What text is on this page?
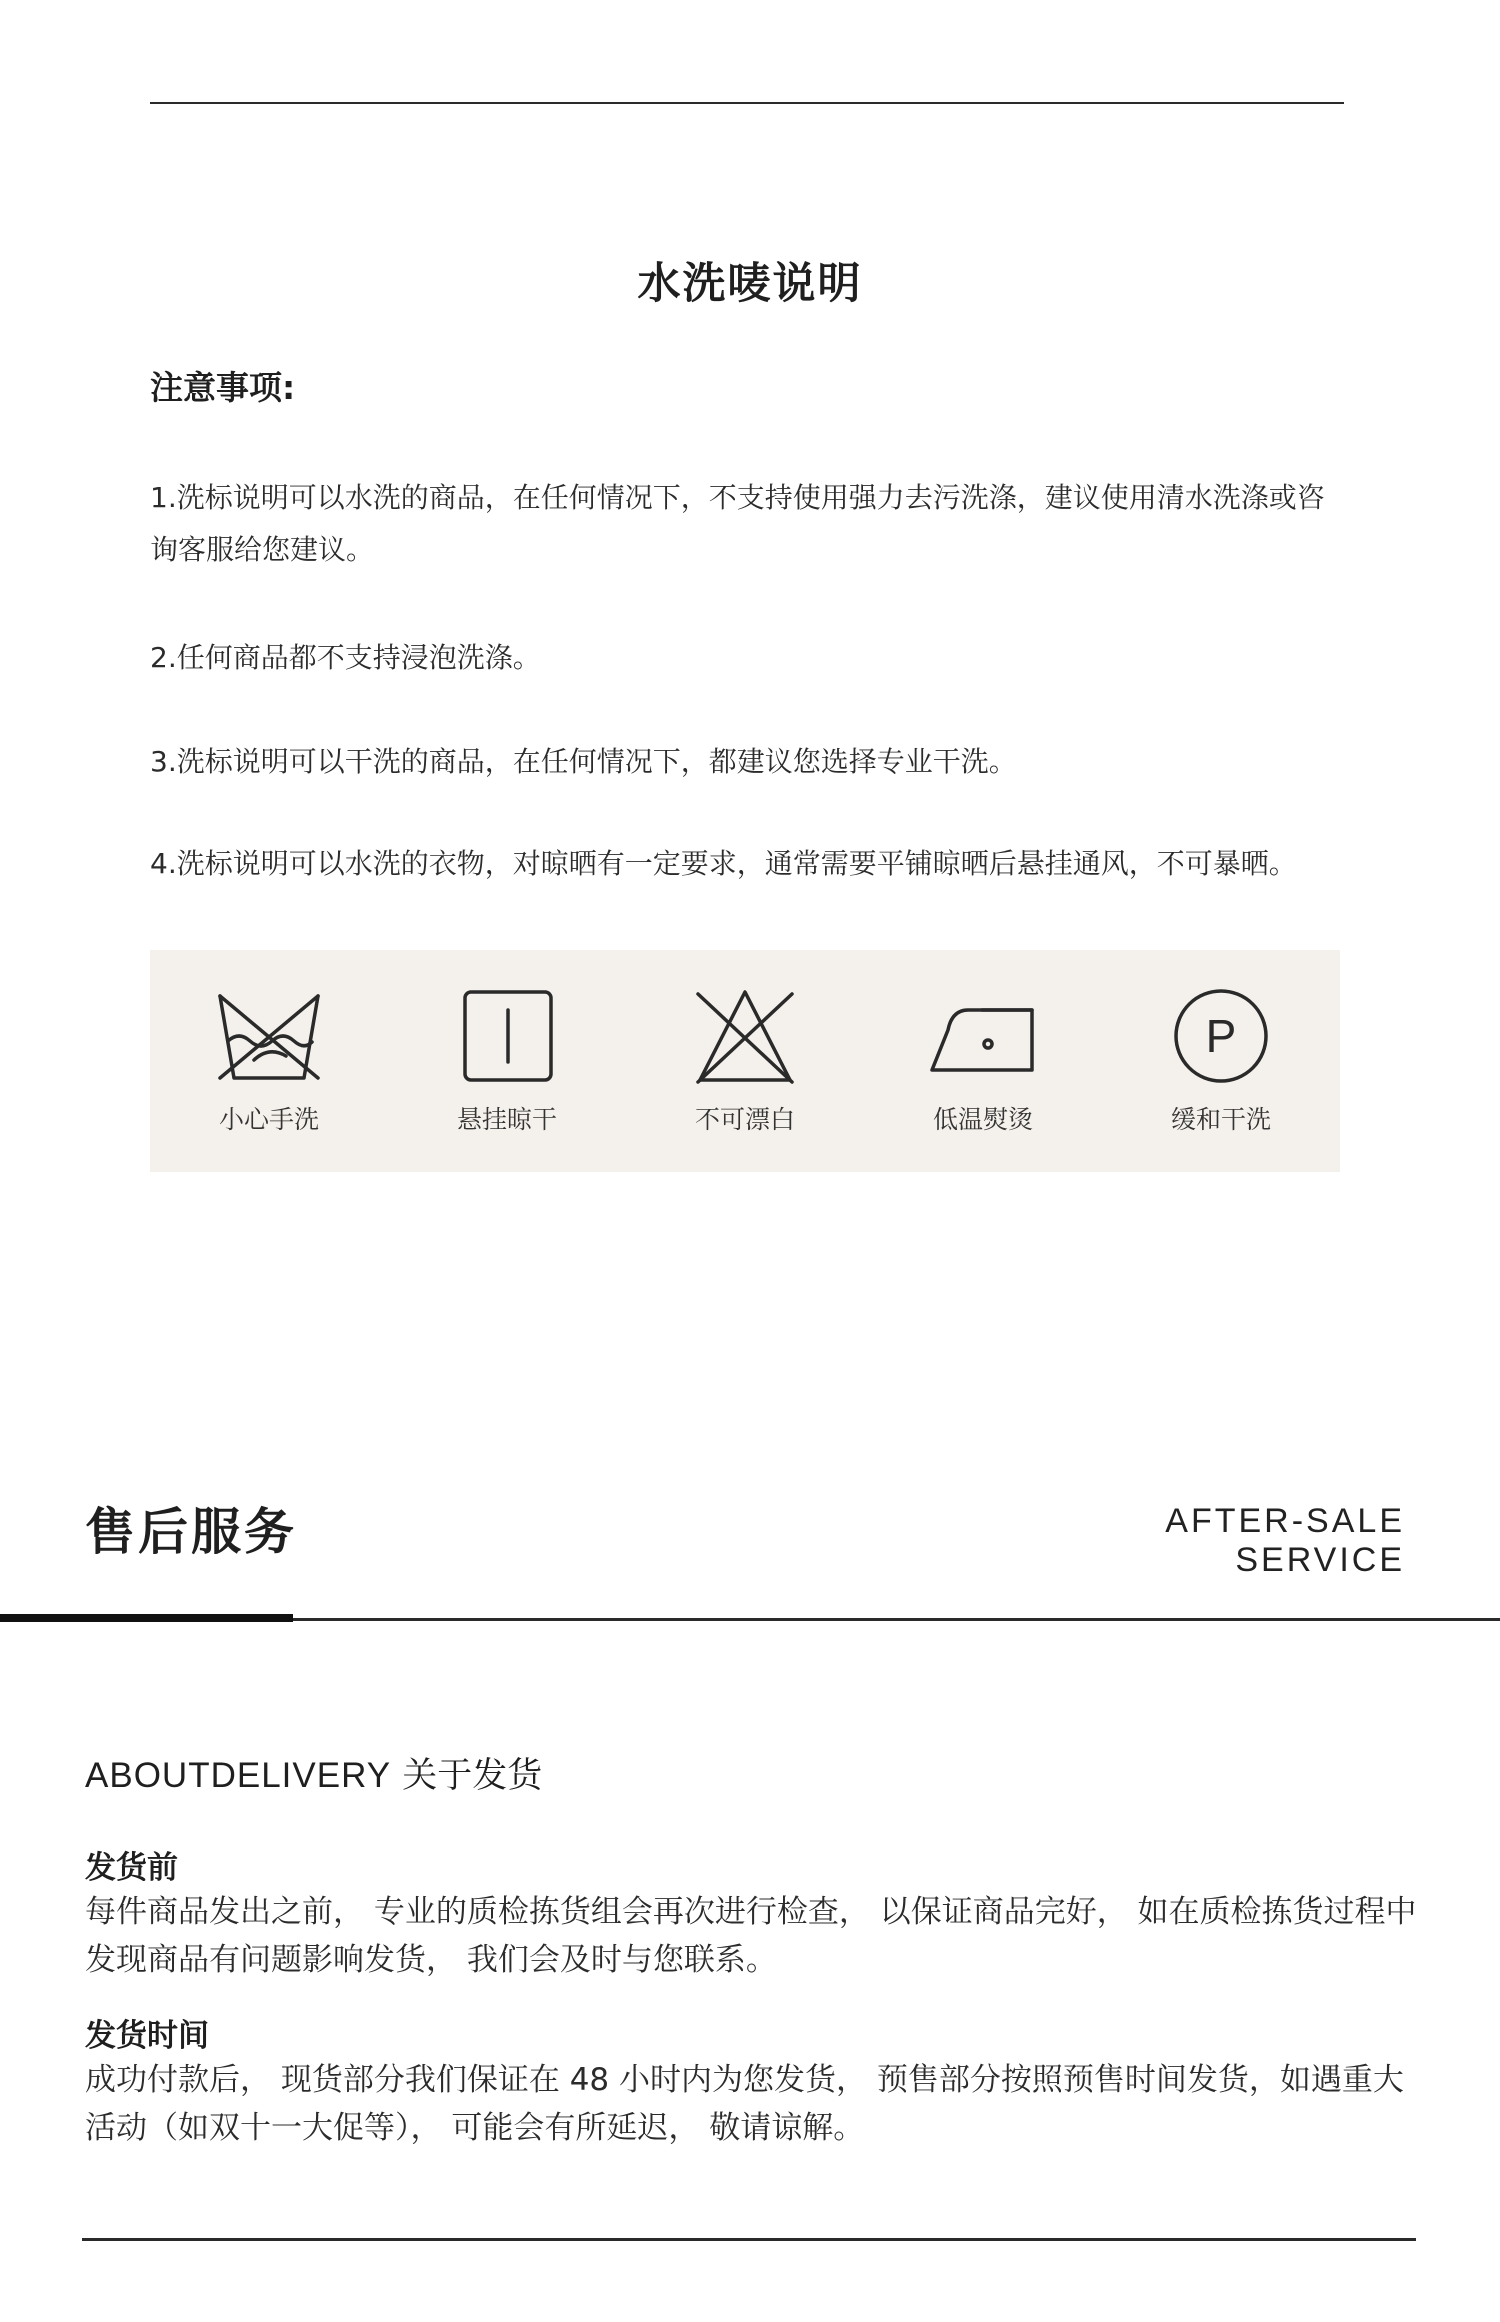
水洗唛说明
注意事项:
1.洗标说明可以水洗的商品，在任何情况下，不支持使用强力去污洗涤，建议使用清水洗涤或咨询客服给您建议。
2.任何商品都不支持浸泡洗涤。
3.洗标说明可以干洗的商品，在任何情况下，都建议您选择专业干洗。
4.洗标说明可以水洗的衣物，对晾晒有一定要求，通常需要平铺晾晒后悬挂通风，不可暴晒。
小心手洗	悬挂晾干	不可漂白	低温熨烫
P
缓和干洗
售后服务	AFTER-SALE SERVICE
ABOUTDELIVERY 关于发货
发货前
每件商品发出之前， 专业的质检拣货组会再次进行检查， 以保证商品完好， 如在质检拣货过程中发现商品有问题影响发货， 我们会及时与您联系。
发货时间
成功付款后， 现货部分我们保证在 48 小时内为您发货， 预售部分按照预售时间发货，如遇重大活动（如双十一大促等）， 可能会有所延迟， 敬请谅解。
